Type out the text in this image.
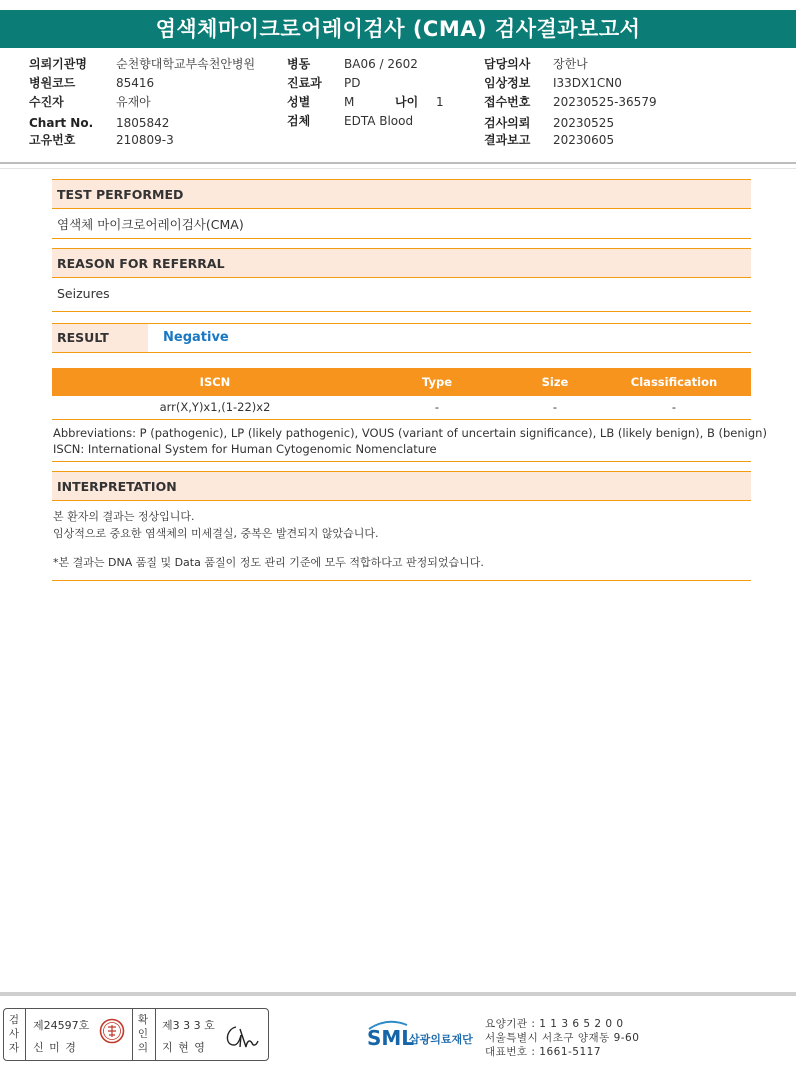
염색체마이크로어레이검사 (CMA) 검사결과보고서
의뢰기관명 순천향대학교부속천안병원
병원코드	85416
수진자	유재아
Chart No. 1805842
고유번호	210809-3
병동	BA06 / 2602
진료과 PD
성별	M	나이 1
검체	EDTA Blood
담당의사 장한나
임상정보 I33DX1CN0
접수번호 20230525-36579
검사의뢰 20230525
결과보고 20230605
TEST PERFORMED
염색체 마이크로어레이검사(CMA)
REASON FOR REFERRAL
Seizures
RESULT	Negative
ISCN	Type	Size	Classification
arr(X,Y)x1,(1-22)x2	-	-	-
Abbreviations: P (pathogenic), LP (likely pathogenic), VOUS (variant of uncertain significance), LB (likely benign), B (benign)
ISCN: International System for Human Cytogenomic Nomenclature
INTERPRETATION
본 환자의 결과는 정상입니다.
임상적으로 중요한 염색체의 미세결실, 중복은 발견되지 않았습니다.
*본 결과는 DNA 품질 및 Data 품질이 정도 관리 기준에 모두 적합하다고 판정되었습니다.
검사자
제24597호
신 미 경
확인의
제3 3 3 호
지 현 영	SML
삼광의료재단
요양기관 : 1 1 3 6 5 2 0 0
서울특별시 서초구 양재동 9-60
대표번호 : 1661-5117
